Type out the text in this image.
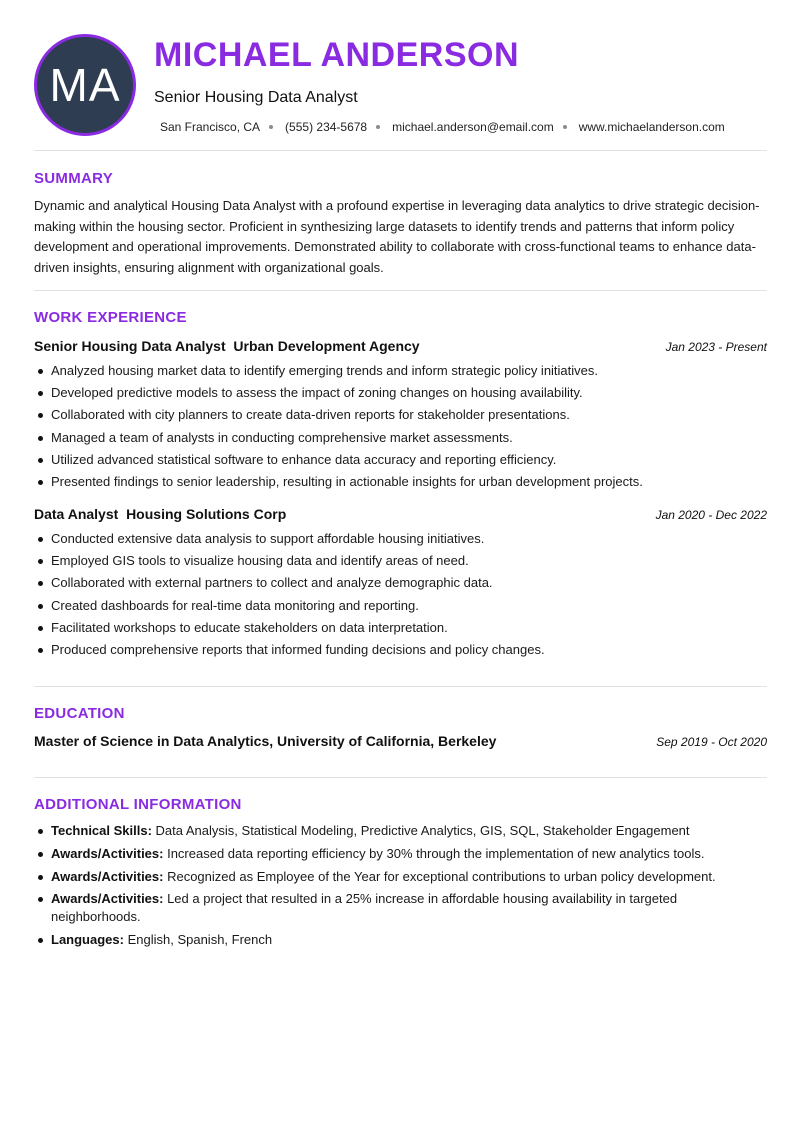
MA
MICHAEL ANDERSON
Senior Housing Data Analyst
San Francisco, CA (555) 234-5678 michael.anderson@email.com www.michaelanderson.com
SUMMARY
Dynamic and analytical Housing Data Analyst with a profound expertise in leveraging data analytics to drive strategic decision-making within the housing sector. Proficient in synthesizing large datasets to identify trends and patterns that inform policy development and operational improvements. Demonstrated ability to collaborate with cross-functional teams to enhance data-driven insights, ensuring alignment with organizational goals.
WORK EXPERIENCE
Senior Housing Data Analyst  Urban Development Agency	Jan 2023 - Present
Analyzed housing market data to identify emerging trends and inform strategic policy initiatives.
Developed predictive models to assess the impact of zoning changes on housing availability.
Collaborated with city planners to create data-driven reports for stakeholder presentations.
Managed a team of analysts in conducting comprehensive market assessments.
Utilized advanced statistical software to enhance data accuracy and reporting efficiency.
Presented findings to senior leadership, resulting in actionable insights for urban development projects.
Data Analyst  Housing Solutions Corp	Jan 2020 - Dec 2022
Conducted extensive data analysis to support affordable housing initiatives.
Employed GIS tools to visualize housing data and identify areas of need.
Collaborated with external partners to collect and analyze demographic data.
Created dashboards for real-time data monitoring and reporting.
Facilitated workshops to educate stakeholders on data interpretation.
Produced comprehensive reports that informed funding decisions and policy changes.
EDUCATION
Master of Science in Data Analytics, University of California, Berkeley	Sep 2019 - Oct 2020
ADDITIONAL INFORMATION
Technical Skills: Data Analysis, Statistical Modeling, Predictive Analytics, GIS, SQL, Stakeholder Engagement
Awards/Activities: Increased data reporting efficiency by 30% through the implementation of new analytics tools.
Awards/Activities: Recognized as Employee of the Year for exceptional contributions to urban policy development.
Awards/Activities: Led a project that resulted in a 25% increase in affordable housing availability in targeted neighborhoods.
Languages: English, Spanish, French
